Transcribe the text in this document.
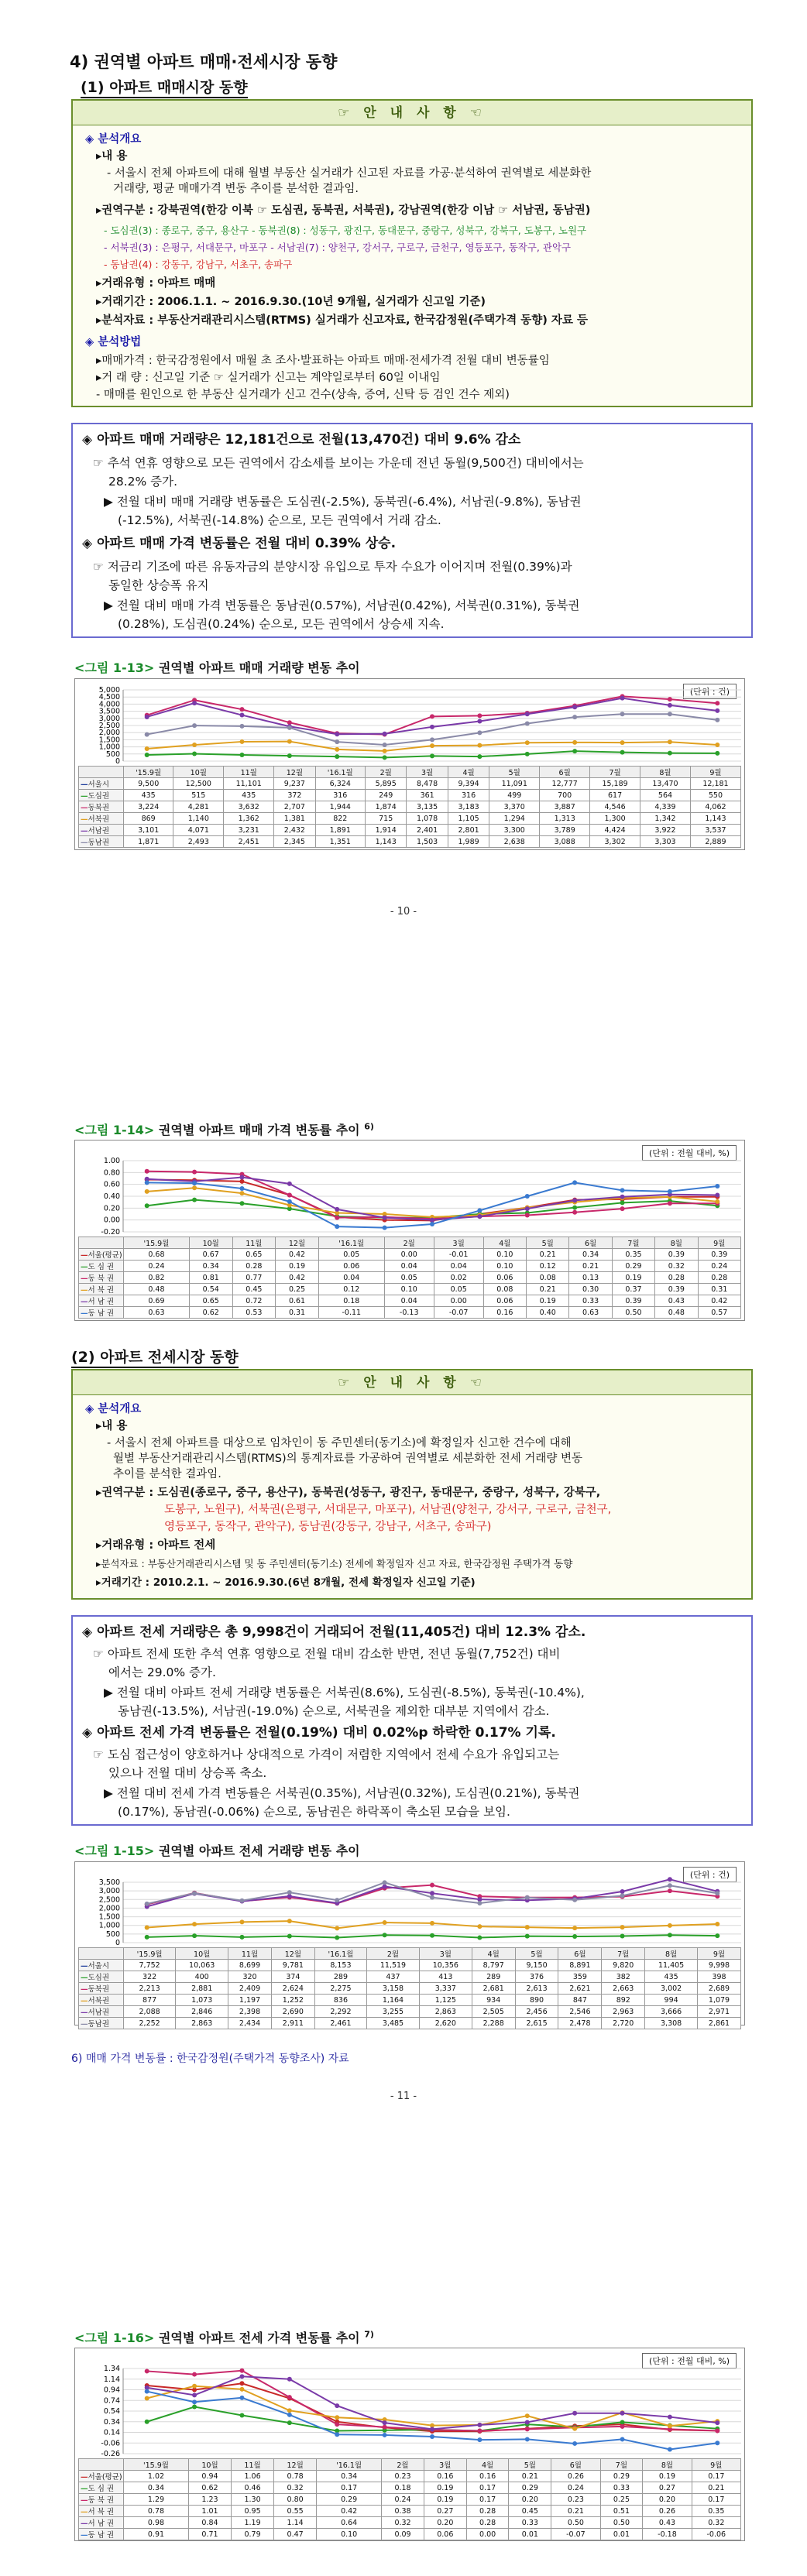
4) 권역별 아파트 매매·전세시장 동향
(1) 아파트 매매시장 동향
☞ 안 내 사 항 ☜
◈ 분석개요
▸내 용
- 서울시 전체 아파트에 대해 월별 부동산 실거래가 신고된 자료를 가공·분석하여 권역별로 세분화한
거래량, 평균 매매가격 변동 추이를 분석한 결과임.
▸권역구분 : 강북권역(한강 이북 ☞ 도심권, 동북권, 서북권), 강남권역(한강 이남 ☞ 서남권, 동남권)
- 도심권(3) : 종로구, 중구, 용산구 - 동북권(8) : 성동구, 광진구, 동대문구, 중랑구, 성북구, 강북구, 도봉구, 노원구
- 서북권(3) : 은평구, 서대문구, 마포구 - 서남권(7) : 양천구, 강서구, 구로구, 금천구, 영등포구, 동작구, 관악구
- 동남권(4) : 강동구, 강남구, 서초구, 송파구
▸거래유형 : 아파트 매매
▸거래기간 : 2006.1.1. ~ 2016.9.30.(10년 9개월, 실거래가 신고일 기준)
▸분석자료 : 부동산거래관리시스템(RTMS) 실거래가 신고자료, 한국감정원(주택가격 동향) 자료 등
◈ 분석방법
▸매매가격 : 한국감정원에서 매월 초 조사·발표하는 아파트 매매·전세가격 전월 대비 변동률임
▸거 래 량 : 신고일 기준 ☞ 실거래가 신고는 계약일로부터 60일 이내임
- 매매를 원인으로 한 부동산 실거래가 신고 건수(상속, 증여, 신탁 등 검인 건수 제외)
◈ 아파트 매매 거래량은 12,181건으로 전월(13,470건) 대비 9.6% 감소
☞ 추석 연휴 영향으로 모든 권역에서 감소세를 보이는 가운데 전년 동월(9,500건) 대비에서는
28.2% 증가.
▶ 전월 대비 매매 거래량 변동률은 도심권(-2.5%), 동북권(-6.4%), 서남권(-9.8%), 동남권
(-12.5%), 서북권(-14.8%) 순으로, 모든 권역에서 거래 감소.
◈ 아파트 매매 가격 변동률은 전월 대비 0.39% 상승.
☞ 저금리 기조에 따른 유동자금의 분양시장 유입으로 투자 수요가 이어지며 전월(0.39%)과
동일한 상승폭 유지
▶ 전월 대비 매매 가격 변동률은 동남권(0.57%), 서남권(0.42%), 서북권(0.31%), 동북권
(0.28%), 도심권(0.24%) 순으로, 모든 권역에서 상승세 지속.
<그림 1-13> 권역별 아파트 매매 거래량 변동 추이
(단위 : 건)
5,000
4,500
4,000
3,500
3,000
2,500
2,000
1,500
1,000
500
0
	'15.9월	10월	11월	12월	'16.1월	2월	3월	4월	5월	6월	7월	8월	9월
—서울시	9,500	12,500	11,101	9,237	6,324	5,895	8,478	9,394	11,091	12,777	15,189	13,470	12,181
—도심권	435	515	435	372	316	249	361	316	499	700	617	564	550
—동북권	3,224	4,281	3,632	2,707	1,944	1,874	3,135	3,183	3,370	3,887	4,546	4,339	4,062
—서북권	869	1,140	1,362	1,381	822	715	1,078	1,105	1,294	1,313	1,300	1,342	1,143
—서남권	3,101	4,071	3,231	2,432	1,891	1,914	2,401	2,801	3,300	3,789	4,424	3,922	3,537
—동남권	1,871	2,493	2,451	2,345	1,351	1,143	1,503	1,989	2,638	3,088	3,302	3,303	2,889
- 10 -
<그림 1-14> 권역별 아파트 매매 가격 변동률 추이 $^{6)}$
(단위 : 전월 대비, %)
1.00
0.80
0.60
0.40
0.20
0.00
-0.20
	'15.9월	10월	11월	12월	'16.1월	2월	3월	4월	5월	6월	7월	8월	9월
—서울(평균)	0.68	0.67	0.65	0.42	0.05	0.00	-0.01	0.10	0.21	0.34	0.35	0.39	0.39
—도 심 권	0.24	0.34	0.28	0.19	0.06	0.04	0.04	0.10	0.12	0.21	0.29	0.32	0.24
—동 북 권	0.82	0.81	0.77	0.42	0.04	0.05	0.02	0.06	0.08	0.13	0.19	0.28	0.28
—서 북 권	0.48	0.54	0.45	0.25	0.12	0.10	0.05	0.08	0.21	0.30	0.37	0.39	0.31
—서 남 권	0.69	0.65	0.72	0.61	0.18	0.04	0.00	0.06	0.19	0.33	0.39	0.43	0.42
—동 남 권	0.63	0.62	0.53	0.31	-0.11	-0.13	-0.07	0.16	0.40	0.63	0.50	0.48	0.57
(2) 아파트 전세시장 동향
☞ 안 내 사 항 ☜
◈ 분석개요
▸내 용
- 서울시 전체 아파트를 대상으로 임차인이 동 주민센터(동기소)에 확정일자 신고한 건수에 대해
월별 부동산거래관리시스템(RTMS)의 통계자료를 가공하여 권역별로 세분화한 전세 거래량 변동
추이를 분석한 결과임.
▸권역구분 : 도심권(종로구, 중구, 용산구), 동북권(성동구, 광진구, 동대문구, 중랑구, 성북구, 강북구,
도봉구, 노원구), 서북권(은평구, 서대문구, 마포구), 서남권(양천구, 강서구, 구로구, 금천구,
영등포구, 동작구, 관악구), 동남권(강동구, 강남구, 서초구, 송파구)
▸거래유형 : 아파트 전세
▸분석자료 : 부동산거래관리시스템 및 동 주민센터(동기소) 전세에 확정일자 신고 자료, 한국감정원 주택가격 동향
▸거래기간 : 2010.2.1. ~ 2016.9.30.(6년 8개월, 전세 확정일자 신고일 기준)
◈ 아파트 전세 거래량은 총 9,998건이 거래되어 전월(11,405건) 대비 12.3% 감소.
☞ 아파트 전세 또한 추석 연휴 영향으로 전월 대비 감소한 반면, 전년 동월(7,752건) 대비
에서는 29.0% 증가.
▶ 전월 대비 아파트 전세 거래량 변동률은 서북권(8.6%), 도심권(-8.5%), 동북권(-10.4%),
동남권(-13.5%), 서남권(-19.0%) 순으로, 서북권을 제외한 대부분 지역에서 감소.
◈ 아파트 전세 가격 변동률은 전월(0.19%) 대비 0.02%p 하락한 0.17% 기록.
☞ 도심 접근성이 양호하거나 상대적으로 가격이 저렴한 지역에서 전세 수요가 유입되고는
있으나 전월 대비 상승폭 축소.
▶ 전월 대비 전세 가격 변동률은 서북권(0.35%), 서남권(0.32%), 도심권(0.21%), 동북권
(0.17%), 동남권(-0.06%) 순으로, 동남권은 하락폭이 축소된 모습을 보임.
<그림 1-15> 권역별 아파트 전세 거래량 변동 추이
(단위 : 건)
3,500
3,000
2,500
2,000
1,500
1,000
500
0
	'15.9월	10월	11월	12월	'16.1월	2월	3월	4월	5월	6월	7월	8월	9월
—서울시	7,752	10,063	8,699	9,781	8,153	11,519	10,356	8,797	9,150	8,891	9,820	11,405	9,998
—도심권	322	400	320	374	289	437	413	289	376	359	382	435	398
—동북권	2,213	2,881	2,409	2,624	2,275	3,158	3,337	2,681	2,613	2,621	2,663	3,002	2,689
—서북권	877	1,073	1,197	1,252	836	1,164	1,125	934	890	847	892	994	1,079
—서남권	2,088	2,846	2,398	2,690	2,292	3,255	2,863	2,505	2,456	2,546	2,963	3,666	2,971
—동남권	2,252	2,863	2,434	2,911	2,461	3,485	2,620	2,288	2,615	2,478	2,720	3,308	2,861
6) 매매 가격 변동률 : 한국감정원(주택가격 동향조사) 자료
- 11 -
<그림 1-16> 권역별 아파트 전세 가격 변동률 추이 $^{7)}$
(단위 : 전월 대비, %)
1.34
1.14
0.94
0.74
0.54
0.34
0.14
-0.06
-0.26
	'15.9월	10월	11월	12월	'16.1월	2월	3월	4월	5월	6월	7월	8월	9월
—서울(평균)	1.02	0.94	1.06	0.78	0.34	0.23	0.16	0.16	0.21	0.26	0.29	0.19	0.17
—도 심 권	0.34	0.62	0.46	0.32	0.17	0.18	0.19	0.17	0.29	0.24	0.33	0.27	0.21
—동 북 권	1.29	1.23	1.30	0.80	0.29	0.24	0.19	0.17	0.20	0.23	0.25	0.20	0.17
—서 북 권	0.78	1.01	0.95	0.55	0.42	0.38	0.27	0.28	0.45	0.21	0.51	0.26	0.35
—서 남 권	0.98	0.84	1.19	1.14	0.64	0.32	0.20	0.28	0.33	0.50	0.50	0.43	0.32
—동 남 권	0.91	0.71	0.79	0.47	0.10	0.09	0.06	0.00	0.01	-0.07	0.01	-0.18	-0.06
